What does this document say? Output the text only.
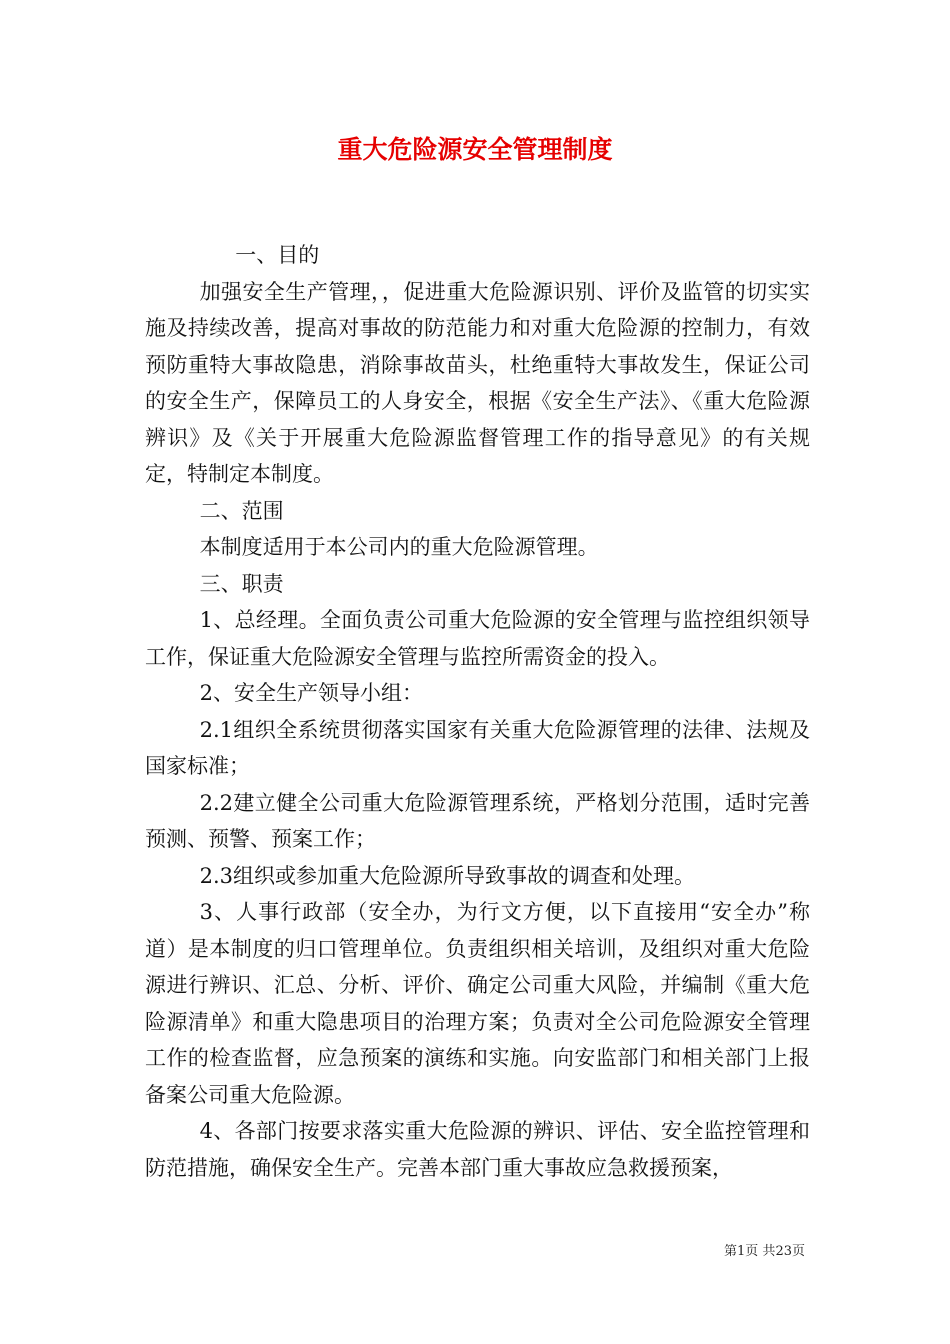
重大危险源安全管理制度

一、目的

加强安全生产管理，，促进重大危险源识别、评价及监管的切实实施及持续改善，提高对事故的防范能力和对重大危险源的控制力，有效预防重特大事故隐患，消除事故苗头，杜绝重特大事故发生，保证公司的安全生产，保障员工的人身安全，根据《安全生产法》、《重大危险源辨识》及《关于开展重大危险源监督管理工作的指导意见》的有关规定，特制定本制度。

二、范围

本制度适用于本公司内的重大危险源管理。

三、职责

1、总经理。全面负责公司重大危险源的安全管理与监控组织领导工作，保证重大危险源安全管理与监控所需资金的投入。

2、安全生产领导小组：

2.1组织全系统贯彻落实国家有关重大危险源管理的法律、法规及国家标准；

2.2建立健全公司重大危险源管理系统，严格划分范围，适时完善预测、预警、预案工作；

2.3组织或参加重大危险源所导致事故的调查和处理。

3、人事行政部（安全办，为行文方便，以下直接用“安全办”称道）是本制度的归口管理单位。负责组织相关培训，及组织对重大危险源进行辨识、汇总、分析、评价、确定公司重大风险，并编制《重大危险源清单》和重大隐患项目的治理方案；负责对全公司危险源安全管理工作的检查监督，应急预案的演练和实施。向安监部门和相关部门上报备案公司重大危险源。

4、各部门按要求落实重大危险源的辨识、评估、安全监控管理和防范措施，确保安全生产。完善本部门重大事故应急救援预案，

第1页 共23页
